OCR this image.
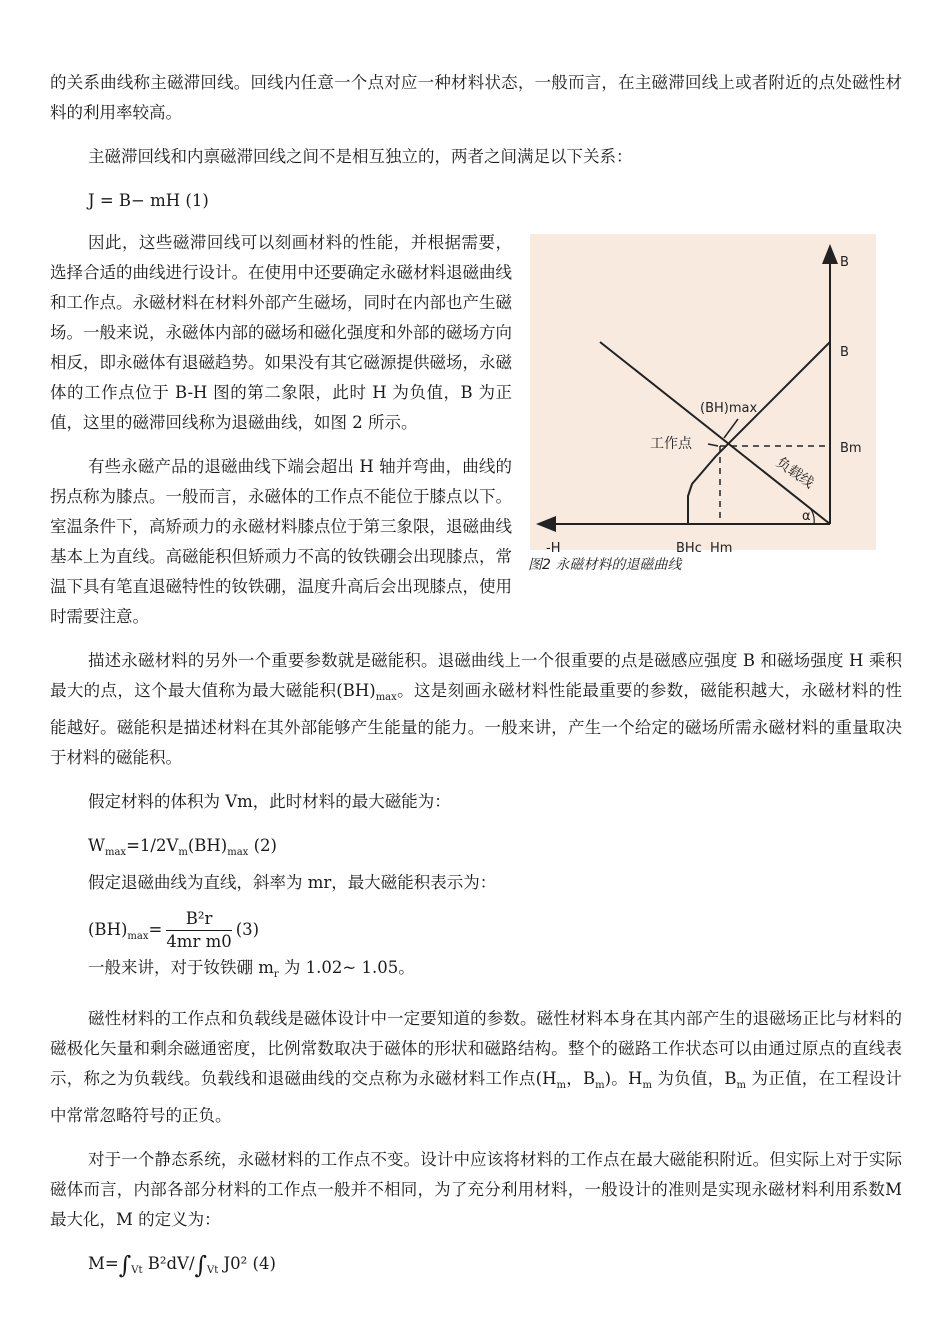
的关系曲线称主磁滞回线。回线内任意一个点对应一种材料状态，一般而言，在主磁滞回线上或者附近的点处磁性材料的利用率较高。

主磁滞回线和内禀磁滞回线之间不是相互独立的，两者之间满足以下关系：

J = B− mH (1)

因此，这些磁滞回线可以刻画材料的性能，并根据需要，选择合适的曲线进行设计。在使用中还要确定永磁材料退磁曲线和工作点。永磁材料在材料外部产生磁场，同时在内部也产生磁场。一般来说，永磁体内部的磁场和磁化强度和外部的磁场方向相反，即永磁体有退磁趋势。如果没有其它磁源提供磁场，永磁体的工作点位于 B-H 图的第二象限，此时 H 为负值，B 为正值，这里的磁滞回线称为退磁曲线，如图 2 所示。

有些永磁产品的退磁曲线下端会超出 H 轴并弯曲，曲线的拐点称为膝点。一般而言，永磁体的工作点不能位于膝点以下。室温条件下，高矫顽力的永磁材料膝点位于第三象限，退磁曲线基本上为直线。高磁能积但矫顽力不高的钕铁硼会出现膝点，常温下具有笔直退磁特性的钕铁硼，温度升高后会出现膝点，使用时需要注意。

B
B
(BH)max
工作点	Bm
负载线
α
-H	BHc Hm
图2 永磁材料的退磁曲线

描述永磁材料的另外一个重要参数就是磁能积。退磁曲线上一个很重要的点是磁感应强度 B 和磁场强度 H 乘积最大的点，这个最大值称为最大磁能积$(BH)_{max}$。这是刻画永磁材料性能最重要的参数，磁能积越大，永磁材料的性能越好。磁能积是描述材料在其外部能够产生能量的能力。一般来讲，产生一个给定的磁场所需永磁材料的重量取决于材料的磁能积。

假定材料的体积为 Vm，此时材料的最大磁能为：

$W_{max}=1/2V_m(BH)_{max}$ (2)

假定退磁曲线为直线，斜率为 mr，最大磁能积表示为：

$(BH)_{max}= \frac{\text{B²r}}{\text{4mr m0}} (3)$

一般来讲，对于钕铁硼 $m_r$ 为 1.02~ 1.05。

磁性材料的工作点和负载线是磁体设计中一定要知道的参数。磁性材料本身在其内部产生的退磁场正比与材料的磁极化矢量和剩余磁通密度，比例常数取决于磁体的形状和磁路结构。整个的磁路工作状态可以由通过原点的直线表示，称之为负载线。负载线和退磁曲线的交点称为永磁材料工作点($H_m$，$B_m$)。$H_m$ 为负值，$B_m$ 为正值，在工程设计中常常忽略符号的正负。

对于一个静态系统，永磁材料的工作点不变。设计中应该将材料的工作点在最大磁能积附近。但实际上对于实际磁体而言，内部各部分材料的工作点一般并不相同，为了充分利用材料，一般设计的准则是实现永磁材料利用系数M 最大化，M 的定义为：

$M=\int_{Vt}$ B²dV/$\int_{Vt}$ J0² (4)
